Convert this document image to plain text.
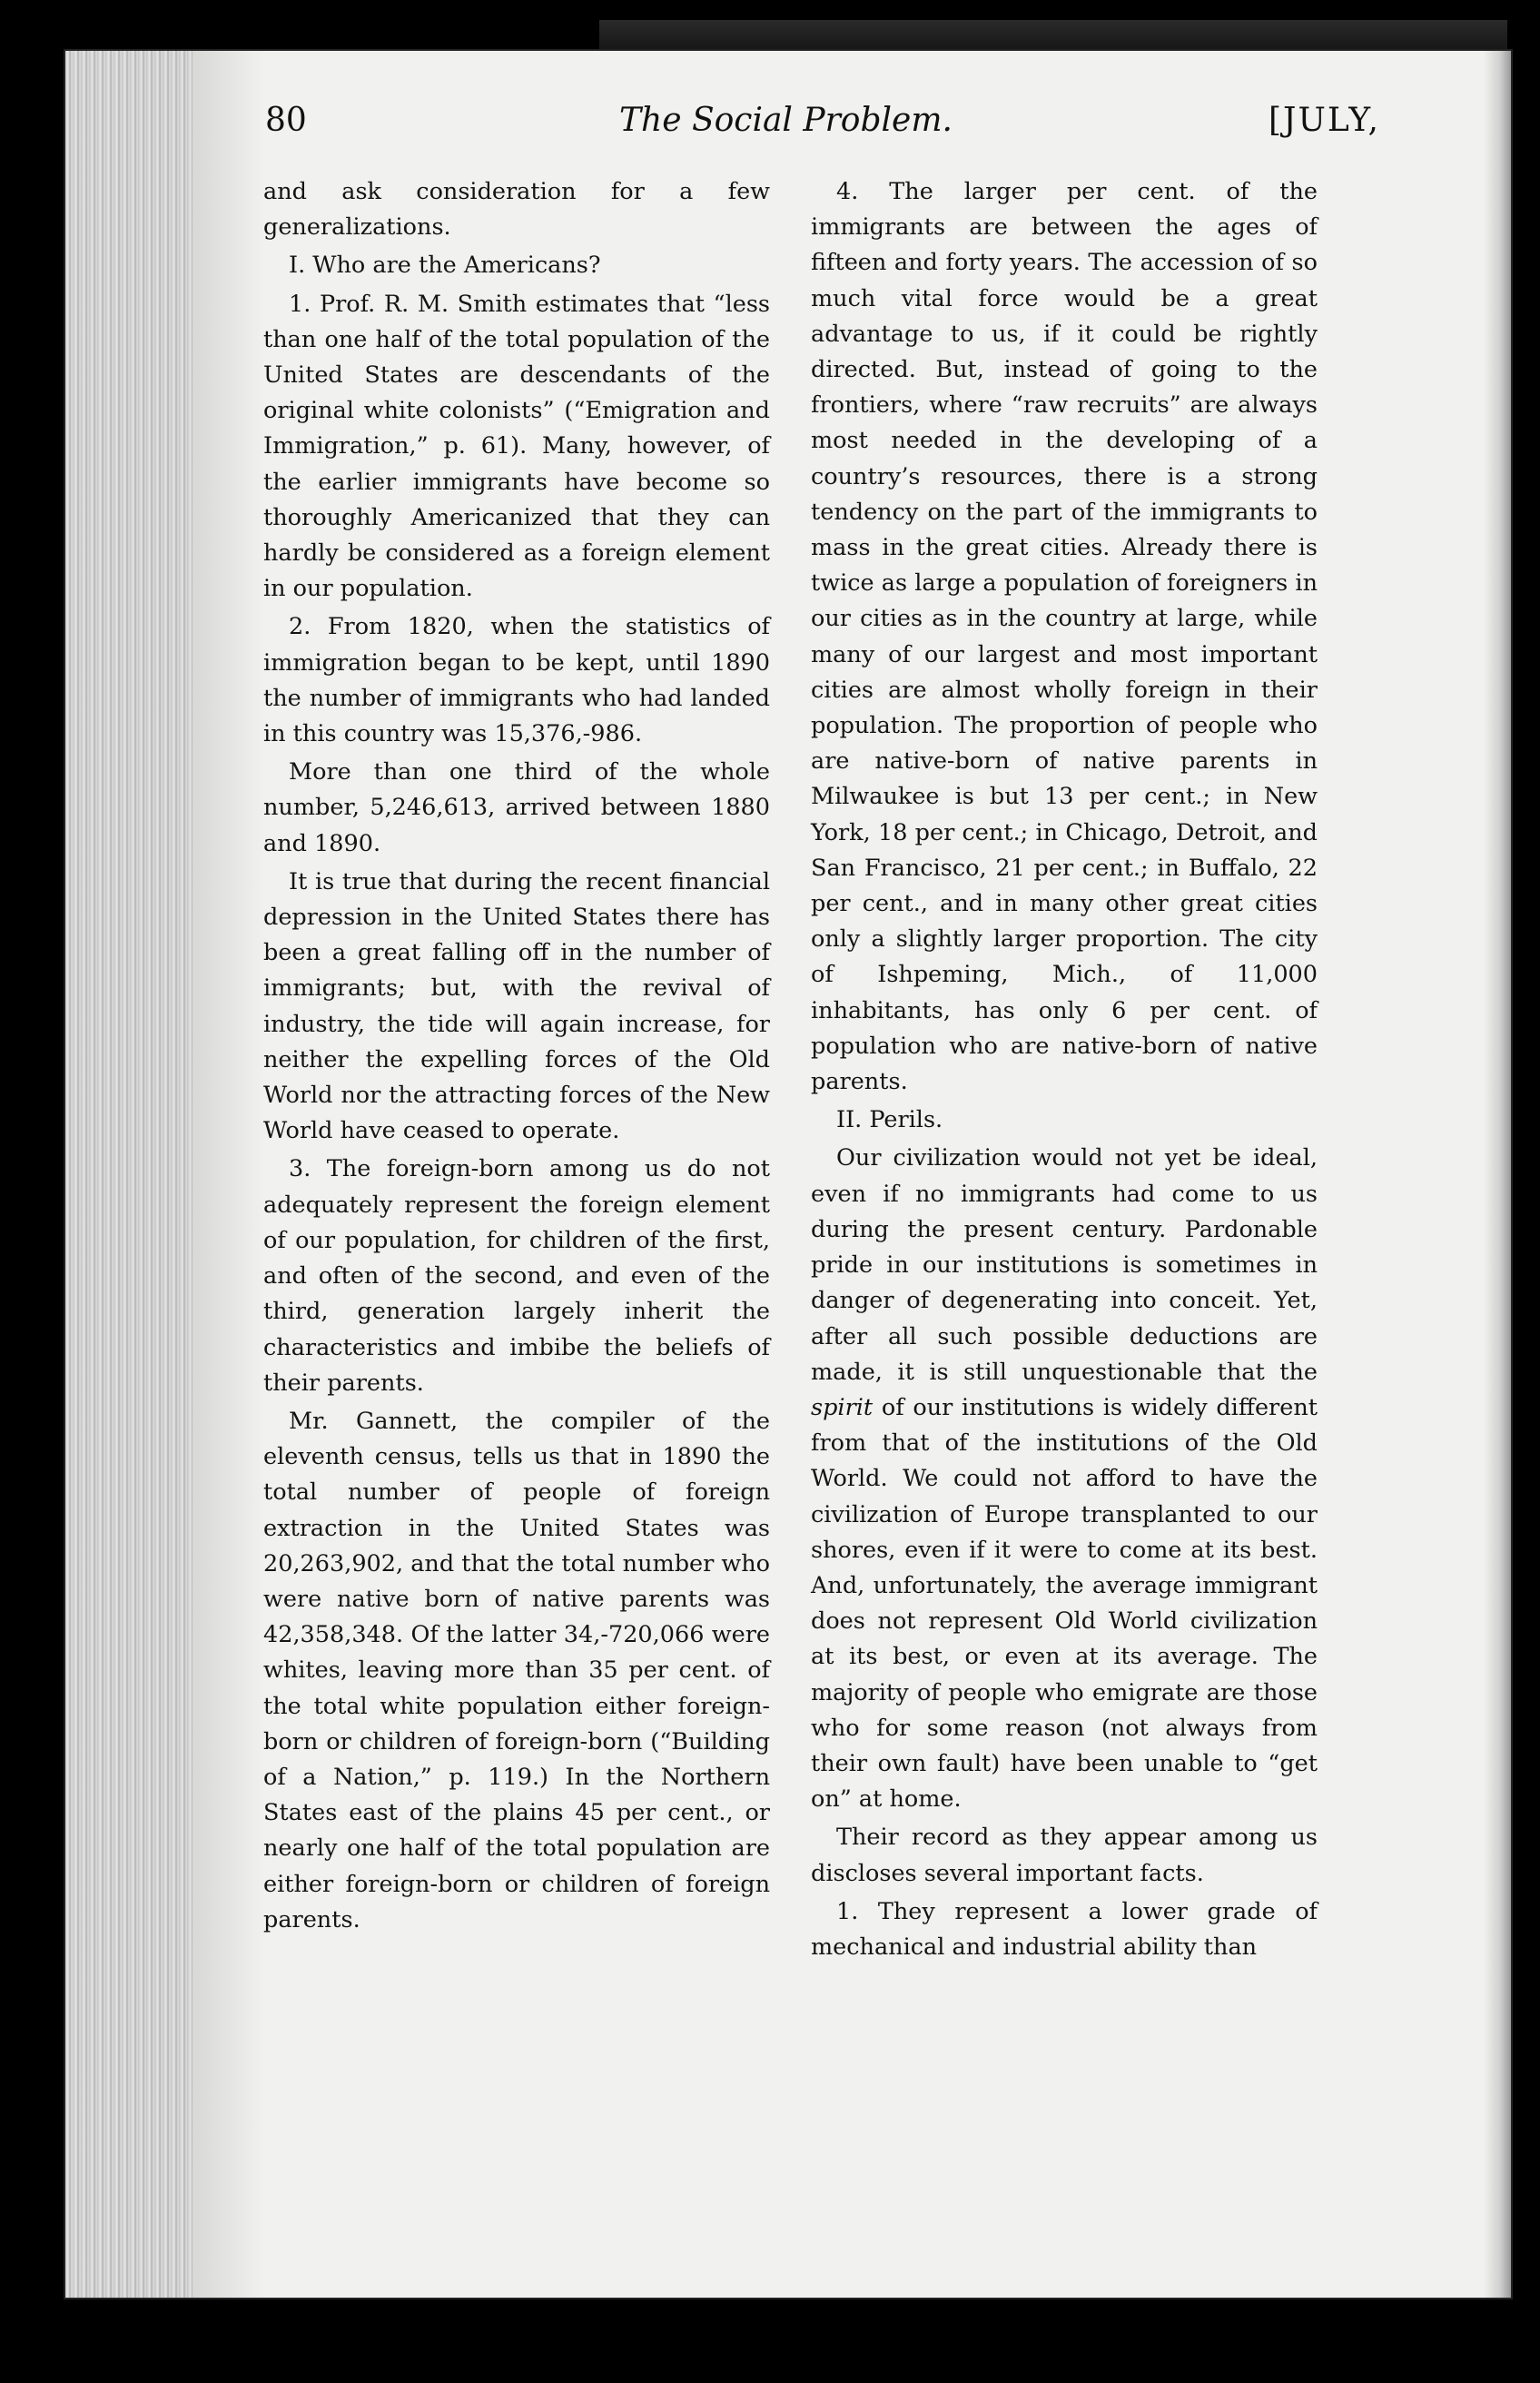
80	The Social Problem.	[JULY,

and ask consideration for a few generalizations.

I. Who are the Americans?

1. Prof. R. M. Smith estimates that “less than one half of the total population of the United States are descendants of the original white colonists” (“Emigration and Immigration,” p. 61). Many, however, of the earlier immigrants have become so thoroughly Americanized that they can hardly be considered as a foreign element in our population.

2. From 1820, when the statistics of immigration began to be kept, until 1890 the number of immigrants who had landed in this country was 15,376,-986.

More than one third of the whole number, 5,246,613, arrived between 1880 and 1890.

It is true that during the recent financial depression in the United States there has been a great falling off in the number of immigrants; but, with the revival of industry, the tide will again increase, for neither the expelling forces of the Old World nor the attracting forces of the New World have ceased to operate.

3. The foreign-born among us do not adequately represent the foreign element of our population, for children of the first, and often of the second, and even of the third, generation largely inherit the characteristics and imbibe the beliefs of their parents.

Mr. Gannett, the compiler of the eleventh census, tells us that in 1890 the total number of people of foreign extraction in the United States was 20,263,902, and that the total number who were native born of native parents was 42,358,348. Of the latter 34,-720,066 were whites, leaving more than 35 per cent. of the total white population either foreign-born or children of foreign-born (“Building of a Nation,” p. 119.) In the Northern States east of the plains 45 per cent., or nearly one half of the total population are either foreign-born or children of foreign parents.

4. The larger per cent. of the immigrants are between the ages of fifteen and forty years. The accession of so much vital force would be a great advantage to us, if it could be rightly directed. But, instead of going to the frontiers, where “raw recruits” are always most needed in the developing of a country’s resources, there is a strong tendency on the part of the immigrants to mass in the great cities. Already there is twice as large a population of foreigners in our cities as in the country at large, while many of our largest and most important cities are almost wholly foreign in their population. The proportion of people who are native-born of native parents in Milwaukee is but 13 per cent.; in New York, 18 per cent.; in Chicago, Detroit, and San Francisco, 21 per cent.; in Buffalo, 22 per cent., and in many other great cities only a slightly larger proportion. The city of Ishpeming, Mich., of 11,000 inhabitants, has only 6 per cent. of population who are native-born of native parents.

II. Perils.

Our civilization would not yet be ideal, even if no immigrants had come to us during the present century. Pardonable pride in our institutions is sometimes in danger of degenerating into conceit. Yet, after all such possible deductions are made, it is still unquestionable that the spirit of our institutions is widely different from that of the institutions of the Old World. We could not afford to have the civilization of Europe transplanted to our shores, even if it were to come at its best. And, unfortunately, the average immigrant does not represent Old World civilization at its best, or even at its average. The majority of people who emigrate are those who for some reason (not always from their own fault) have been unable to “get on” at home.

Their record as they appear among us discloses several important facts.

1. They represent a lower grade of mechanical and industrial ability than
